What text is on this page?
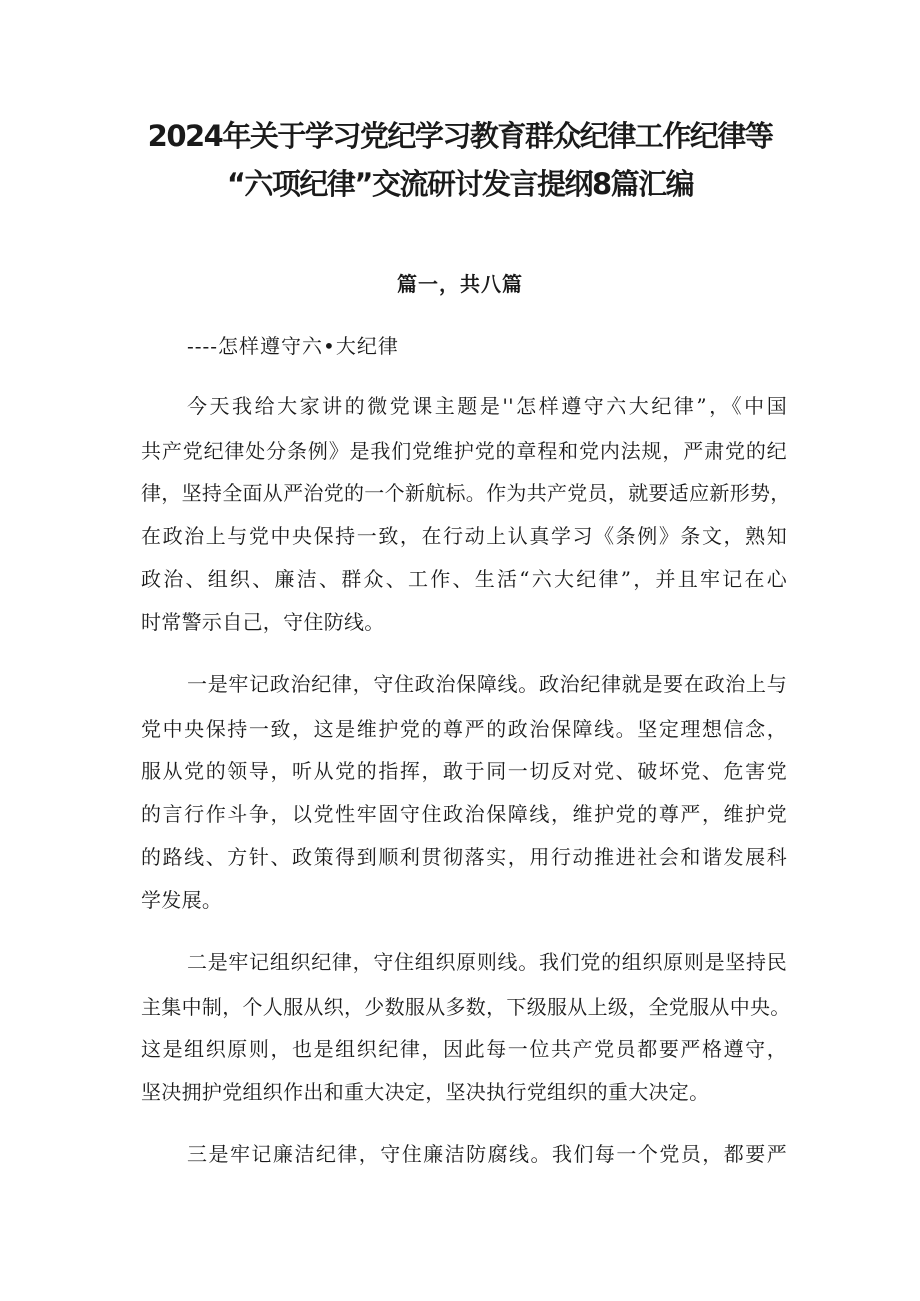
2024年关于学习党纪学习教育群众纪律工作纪律等
“六项纪律”交流研讨发言提纲8篇汇编
篇一，共八篇

----怎样遵守六•大纪律

今天我给大家讲的微党课主题是''怎样遵守六大纪律”，《中国
共产党纪律处分条例》是我们党维护党的章程和党内法规，严肃党的纪
律，坚持全面从严治党的一个新航标。作为共产党员，就要适应新形势，
在政治上与党中央保持一致，在行动上认真学习《条例》条文，熟知
政治、组织、廉洁、群众、工作、生活“六大纪律”，并且牢记在心
时常警示自己，守住防线。
一是牢记政治纪律，守住政治保障线。政治纪律就是要在政治上与
党中央保持一致，这是维护党的尊严的政治保障线。坚定理想信念，
服从党的领导，听从党的指挥，敢于同一切反对党、破坏党、危害党
的言行作斗争，以党性牢固守住政治保障线，维护党的尊严，维护党
的路线、方针、政策得到顺利贯彻落实，用行动推进社会和谐发展科
学发展。
二是牢记组织纪律，守住组织原则线。我们党的组织原则是坚持民
主集中制，个人服从织，少数服从多数，下级服从上级，全党服从中央。
这是组织原则，也是组织纪律，因此每一位共产党员都要严格遵守，
坚决拥护党组织作出和重大决定，坚决执行党组织的重大决定。
三是牢记廉洁纪律，守住廉洁防腐线。我们每一个党员，都要严
